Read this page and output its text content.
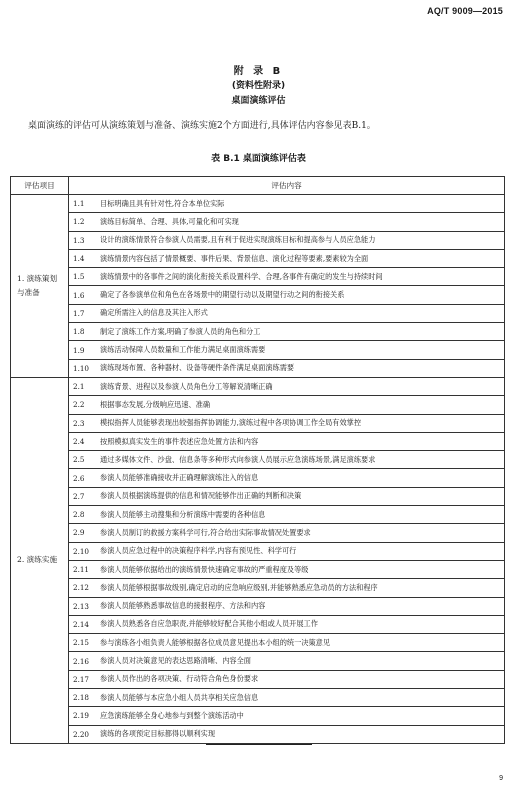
AQ/T 9009—2015
附 录 B
(资料性附录)
桌面演练评估
桌面演练的评估可从演练策划与准备、演练实施2个方面进行,具体评估内容参见表B.1。
表 B.1 桌面演练评估表
评估项目	评估内容
1. 演练策划与准备	1.1 目标明确且具有针对性,符合本单位实际

	1.2 演练目标简单、合理、具体,可量化和可实现

	1.3 设计的演练情景符合参演人员需要,且有利于促进实现演练目标和提高参与人员应急能力

	1.4 演练情景内容包括了情景概要、事件后果、背景信息、演化过程等要素,要素较为全面

	1.5 演练情景中的各事件之间的演化衔接关系设置科学、合理,各事件有确定的发生与持续时间

	1.6 确定了各参演单位和角色在各场景中的期望行动以及期望行动之间的衔接关系

	1.7 确定所需注入的信息及其注入形式

	1.8 制定了演练工作方案,明确了参演人员的角色和分工

	1.9 演练活动保障人员数量和工作能力满足桌面演练需要

	1.10 演练现场布置、各种器材、设备等硬件条件满足桌面演练需要

2. 演练实施	2.1 演练背景、进程以及参演人员角色分工等解说清晰正确

	2.2 根据事态发展,分级响应迅速、准确

	2.3 模拟指挥人员能够表现出较强指挥协调能力,演练过程中各项协调工作全局有效掌控

	2.4 按照模拟真实发生的事件表述应急处置方法和内容

	2.5 通过多媒体文件、沙盘、信息条等多种形式向参演人员展示应急演练场景,满足演练要求

	2.6 参演人员能够准确接收并正确理解演练注入的信息

	2.7 参演人员根据演练提供的信息和情况能够作出正确的判断和决策

	2.8 参演人员能够主动搜集和分析演练中需要的各种信息

	2.9 参演人员制订的救援方案科学可行,符合给出实际事故情况处置要求

	2.10 参演人员应急过程中的决策程序科学,内容有预见性、科学可行

	2.11 参演人员能够依据给出的演练情景快速确定事故的严重程度及等级

	2.12 参演人员能够根据事故级别,确定启动的应急响应级别,并能够熟悉应急动员的方法和程序

	2.13 参演人员能够熟悉事故信息的接报程序、方法和内容

	2.14 参演人员熟悉各自应急职责,并能够较好配合其他小组或人员开展工作

	2.15 参与演练各小组负责人能够根据各位成员意见提出本小组的统一决策意见

	2.16 参演人员对决策意见的表达思路清晰、内容全面

	2.17 参演人员作出的各项决策、行动符合角色身份要求

	2.18 参演人员能够与本应急小组人员共享相关应急信息

	2.19 应急演练能够全身心地参与到整个演练活动中

	2.20 演练的各项预定目标都得以顺利实现
9
